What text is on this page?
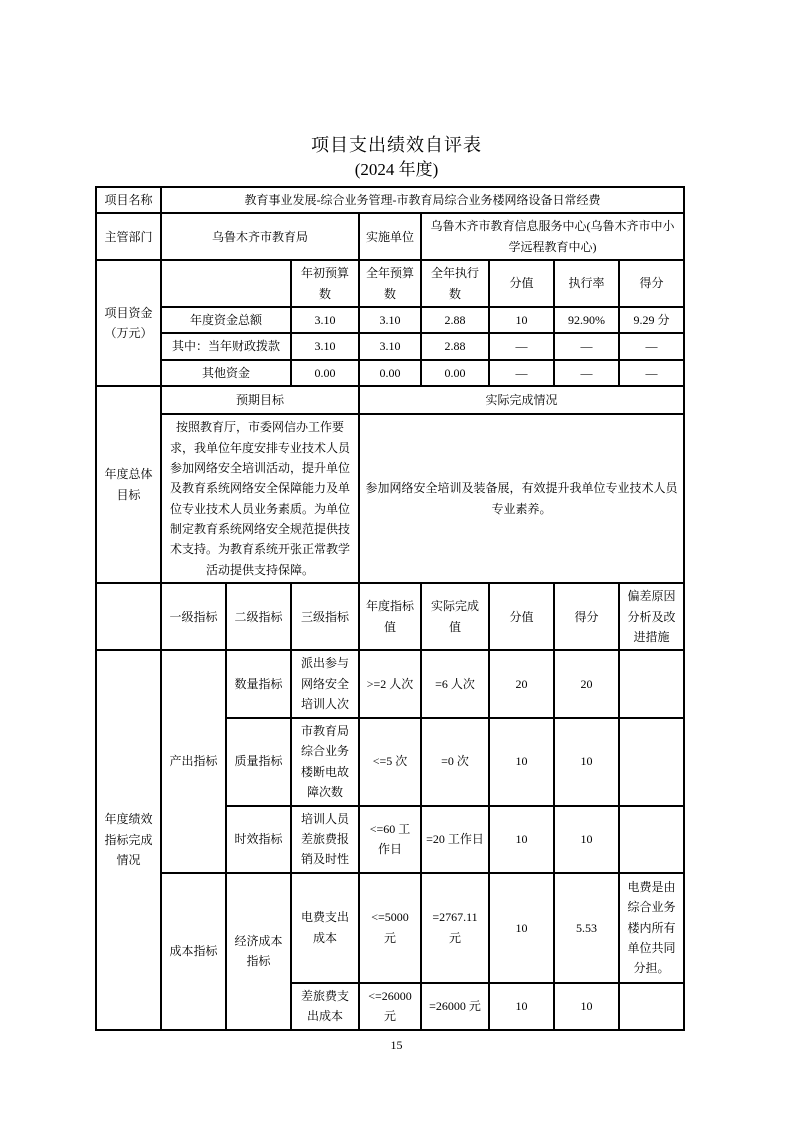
项目支出绩效自评表
(2024 年度)
项目名称	教育事业发展-综合业务管理-市教育局综合业务楼网络设备日常经费							
主管部门	乌鲁木齐市教育局			实施单位	乌鲁木齐市教育信息服务中心(乌鲁木齐市中小学远程教育中心)			
项目资金（万元）			年初预算数	全年预算数	全年执行数	分值	执行率	得分
	年度资金总额		3.10	3.10	2.88	10	92.90%	9.29 分
	其中：当年财政拨款		3.10	3.10	2.88	—	—	—
	其他资金		0.00	0.00	0.00	—	—	—
年度总体目标	预期目标			实际完成情况				
	按照教育厅，市委网信办工作要求，我单位年度安排专业技术人员参加网络安全培训活动，提升单位及教育系统网络安全保障能力及单位专业技术人员业务素质。为单位制定教育系统网络安全规范提供技术支持。为教育系统开张正常教学活动提供支持保障。			参加网络安全培训及装备展，有效提升我单位专业技术人员专业素养。				
	一级指标	二级指标	三级指标	年度指标值	实际完成值	分值	得分	偏差原因分析及改进措施
年度绩效指标完成情况	产出指标	数量指标	派出参与网络安全培训人次	>=2 人次	=6 人次	20	20	
		质量指标	市教育局综合业务楼断电故障次数	<=5 次	=0 次	10	10	
		时效指标	培训人员差旅费报销及时性	<=60 工作日	=20 工作日	10	10	
	成本指标	经济成本指标	电费支出成本	<=5000 元	=2767.11 元	10	5.53	电费是由综合业务楼内所有单位共同分担。
			差旅费支出成本	<=26000 元	=26000 元	10	10	
15
